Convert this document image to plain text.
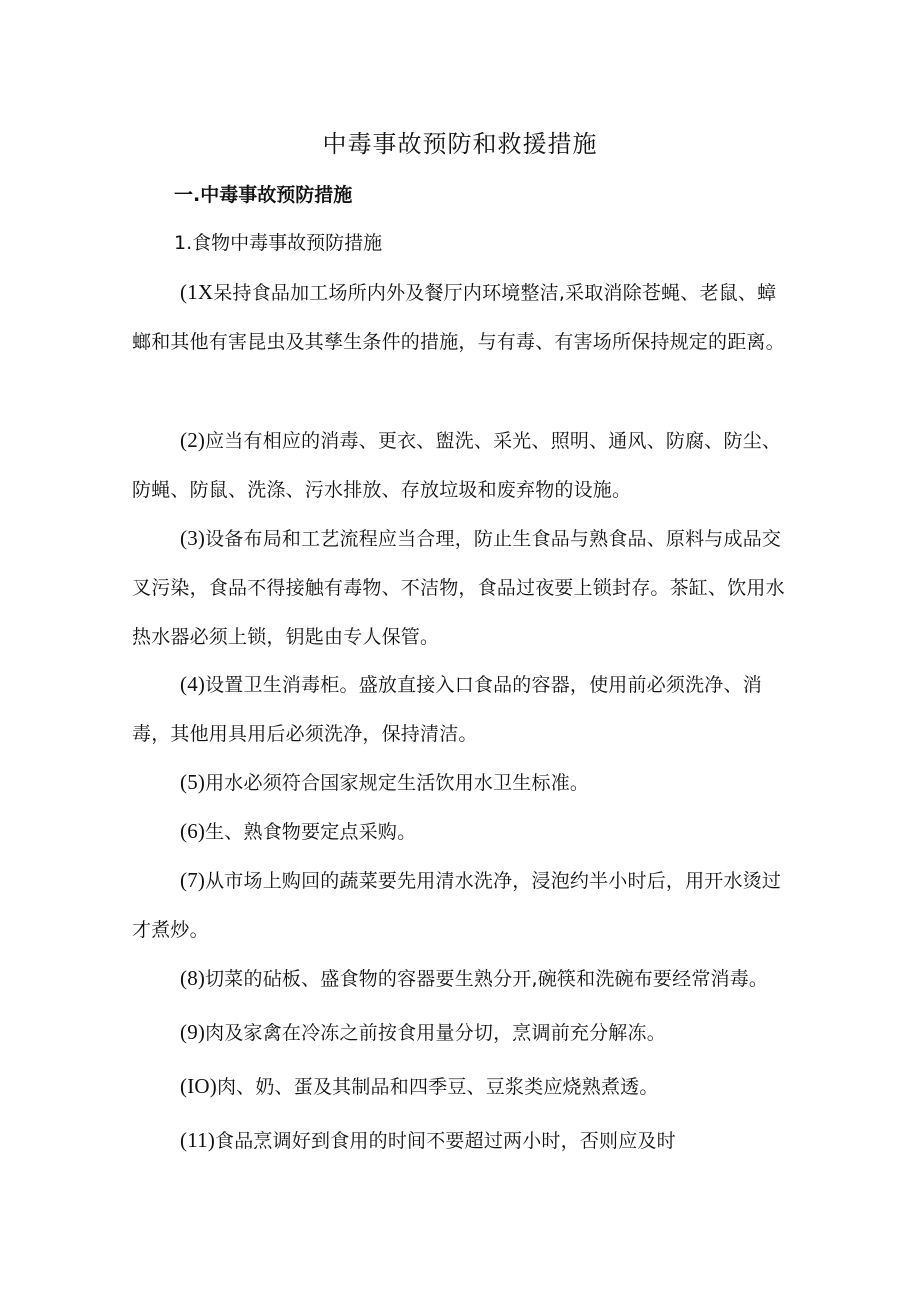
中毒事故预防和救援措施
一.中毒事故预防措施
1.食物中毒事故预防措施
(1X呆持食品加工场所内外及餐厅内环境整洁,采取消除苍蝇、老鼠、蟑螂和其他有害昆虫及其孳生条件的措施，与有毒、有害场所保持规定的距离。
(2)应当有相应的消毒、更衣、盥洗、采光、照明、通风、防腐、防尘、防蝇、防鼠、洗涤、污水排放、存放垃圾和废弃物的设施。
(3)设备布局和工艺流程应当合理，防止生食品与熟食品、原料与成品交叉污染，食品不得接触有毒物、不洁物，食品过夜要上锁封存。茶缸、饮用水热水器必须上锁，钥匙由专人保管。
(4)设置卫生消毒柜。盛放直接入口食品的容器，使用前必须洗净、消毒，其他用具用后必须洗净，保持清洁。
(5)用水必须符合国家规定生活饮用水卫生标准。
(6)生、熟食物要定点采购。
(7)从市场上购回的蔬菜要先用清水洗净，浸泡约半小时后，用开水烫过才煮炒。
(8)切菜的砧板、盛食物的容器要生熟分开,碗筷和洗碗布要经常消毒。
(9)肉及家禽在冷冻之前按食用量分切，烹调前充分解冻。
(IO)肉、奶、蛋及其制品和四季豆、豆浆类应烧熟煮透。
(11)食品烹调好到食用的时间不要超过两小时，否则应及时
